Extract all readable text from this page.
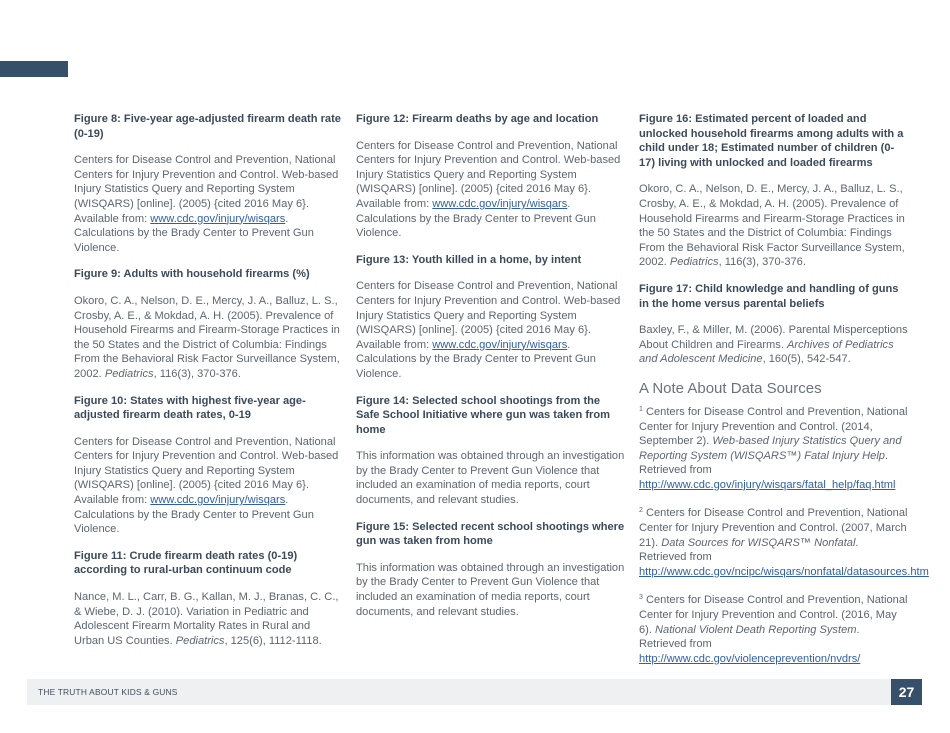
Figure 8: Five-year age-adjusted firearm death rate (0-19)
Centers for Disease Control and Prevention, National Centers for Injury Prevention and Control. Web-based Injury Statistics Query and Reporting System (WISQARS) [online]. (2005) {cited 2016 May 6}. Available from: www.cdc.gov/injury/wisqars. Calculations by the Brady Center to Prevent Gun Violence.
Figure 9: Adults with household firearms (%)
Okoro, C. A., Nelson, D. E., Mercy, J. A., Balluz, L. S., Crosby, A. E., & Mokdad, A. H. (2005). Prevalence of Household Firearms and Firearm-Storage Practices in the 50 States and the District of Columbia: Findings From the Behavioral Risk Factor Surveillance System, 2002. Pediatrics, 116(3), 370-376.
Figure 10: States with highest five-year age-adjusted firearm death rates, 0-19
Centers for Disease Control and Prevention, National Centers for Injury Prevention and Control. Web-based Injury Statistics Query and Reporting System (WISQARS) [online]. (2005) {cited 2016 May 6}. Available from: www.cdc.gov/injury/wisqars. Calculations by the Brady Center to Prevent Gun Violence.
Figure 11: Crude firearm death rates (0-19) according to rural-urban continuum code
Nance, M. L., Carr, B. G., Kallan, M. J., Branas, C. C., & Wiebe, D. J. (2010). Variation in Pediatric and Adolescent Firearm Mortality Rates in Rural and Urban US Counties. Pediatrics, 125(6), 1112-1118.
Figure 12: Firearm deaths by age and location
Centers for Disease Control and Prevention, National Centers for Injury Prevention and Control. Web-based Injury Statistics Query and Reporting System (WISQARS) [online]. (2005) {cited 2016 May 6}. Available from: www.cdc.gov/injury/wisqars. Calculations by the Brady Center to Prevent Gun Violence.
Figure 13: Youth killed in a home, by intent
Centers for Disease Control and Prevention, National Centers for Injury Prevention and Control. Web-based Injury Statistics Query and Reporting System (WISQARS) [online]. (2005) {cited 2016 May 6}. Available from: www.cdc.gov/injury/wisqars. Calculations by the Brady Center to Prevent Gun Violence.
Figure 14: Selected school shootings from the Safe School Initiative where gun was taken from home
This information was obtained through an investigation by the Brady Center to Prevent Gun Violence that included an examination of media reports, court documents, and relevant studies.
Figure 15: Selected recent school shootings where gun was taken from home
This information was obtained through an investigation by the Brady Center to Prevent Gun Violence that included an examination of media reports, court documents, and relevant studies.
Figure 16: Estimated percent of loaded and unlocked household firearms among adults with a child under 18; Estimated number of children (0-17) living with unlocked and loaded firearms
Okoro, C. A., Nelson, D. E., Mercy, J. A., Balluz, L. S., Crosby, A. E., & Mokdad, A. H. (2005). Prevalence of Household Firearms and Firearm-Storage Practices in the 50 States and the District of Columbia: Findings From the Behavioral Risk Factor Surveillance System, 2002. Pediatrics, 116(3), 370-376.
Figure 17: Child knowledge and handling of guns in the home versus parental beliefs
Baxley, F., & Miller, M. (2006). Parental Misperceptions About Children and Firearms. Archives of Pediatrics and Adolescent Medicine, 160(5), 542-547.
A Note About Data Sources
$^1$ Centers for Disease Control and Prevention, National Center for Injury Prevention and Control. (2014, September 2). Web-based Injury Statistics Query and Reporting System (WISQARS™) Fatal Injury Help. Retrieved from http://www.cdc.gov/injury/wisqars/fatal_help/faq.html
$^2$ Centers for Disease Control and Prevention, National Center for Injury Prevention and Control. (2007, March 21). Data Sources for WISQARS™ Nonfatal. Retrieved from http://www.cdc.gov/ncipc/wisqars/nonfatal/datasources.htm
$^3$ Centers for Disease Control and Prevention, National Center for Injury Prevention and Control. (2016, May 6). National Violent Death Reporting System. Retrieved from http://www.cdc.gov/violenceprevention/nvdrs/
THE TRUTH ABOUT KIDS & GUNS	27
